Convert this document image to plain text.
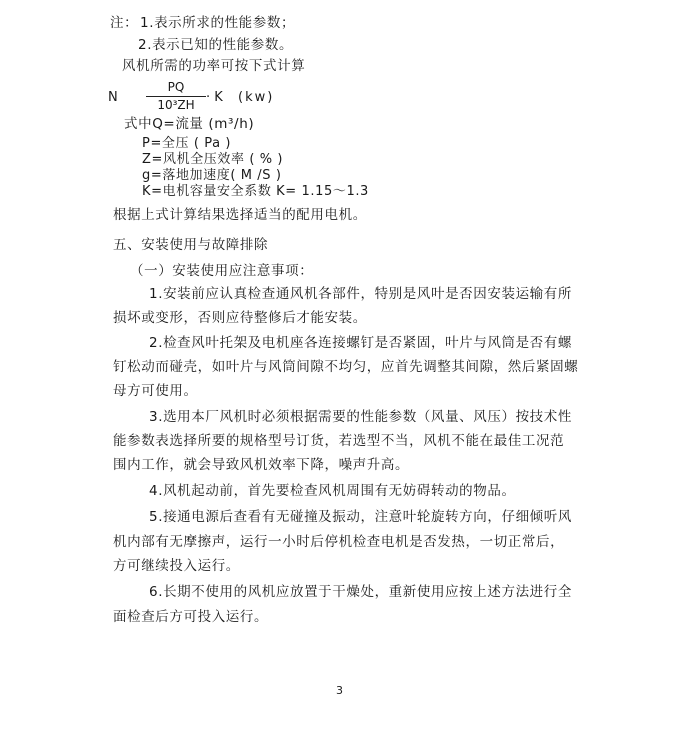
注： 1.表示所求的性能参数；
2.表示已知的性能参数。
风机所需的功率可按下式计算
N
PQ
10³ZH · K (kw)
式中Q=流量 (m³/h)
P=全压 ( Pa )
Z=风机全压效率 ( % )
g=落地加速度( M /S )
K=电机容量安全系数 K= 1.15～1.3
根据上式计算结果选择适当的配用电机。
五、安装使用与故障排除
（一）安装使用应注意事项：
1.安装前应认真检查通风机各部件，特别是风叶是否因安装运输有所
损坏或变形，否则应待整修后才能安装。
2.检查风叶托架及电机座各连接螺钉是否紧固，叶片与风筒是否有螺
钉松动而碰壳，如叶片与风筒间隙不均匀，应首先调整其间隙，然后紧固螺
母方可使用。
3.选用本厂风机时必须根据需要的性能参数（风量、风压）按技术性
能参数表选择所要的规格型号订货，若选型不当，风机不能在最佳工况范
围内工作，就会导致风机效率下降，噪声升高。
4.风机起动前，首先要检查风机周围有无妨碍转动的物品。
5.接通电源后查看有无碰撞及振动，注意叶轮旋转方向，仔细倾听风
机内部有无摩擦声，运行一小时后停机检查电机是否发热，一切正常后，
方可继续投入运行。
6.长期不使用的风机应放置于干燥处，重新使用应按上述方法进行全
面检查后方可投入运行。
3
